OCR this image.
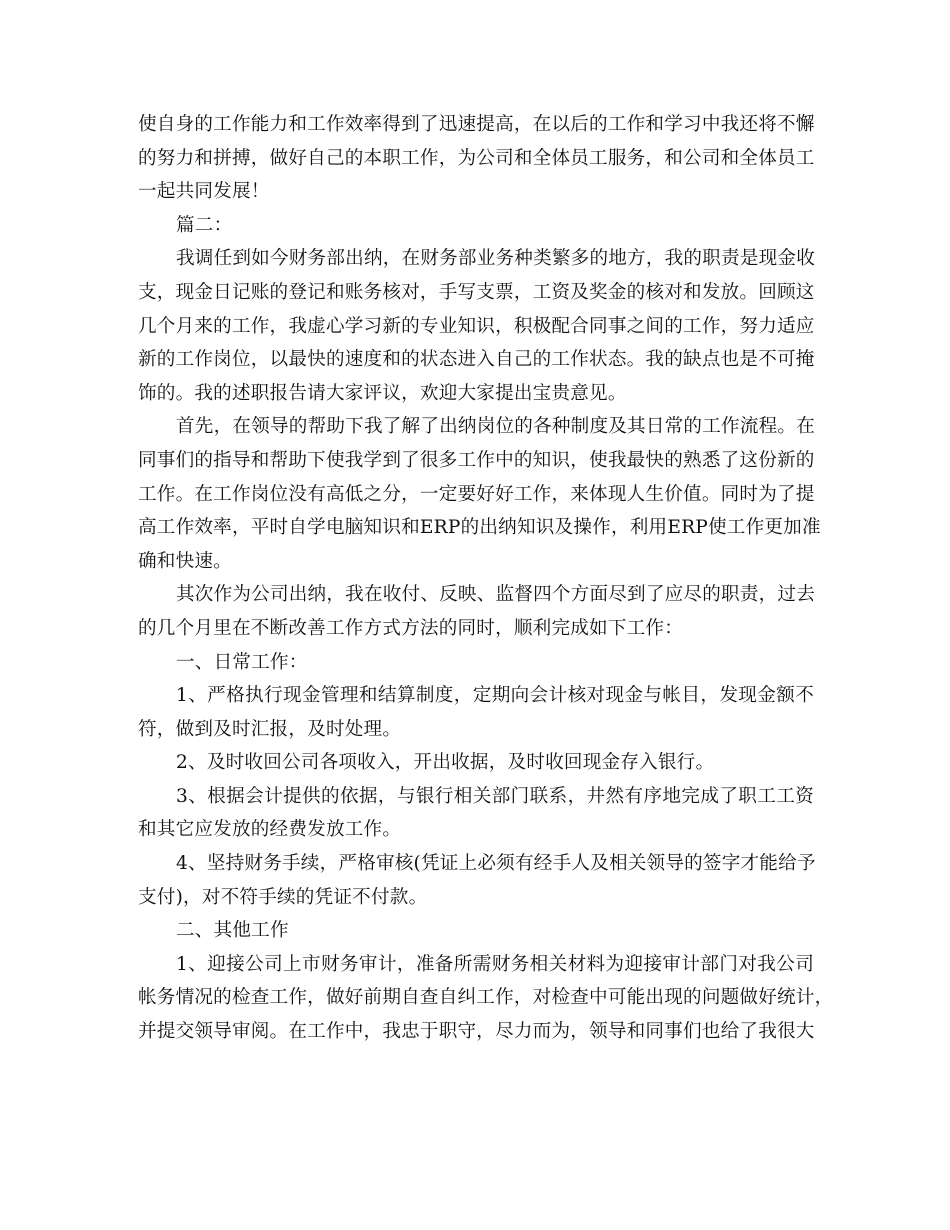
使自身的工作能力和工作效率得到了迅速提高，在以后的工作和学习中我还将不懈
的努力和拼搏，做好自己的本职工作，为公司和全体员工服务，和公司和全体员工
一起共同发展！
篇二：
我调任到如今财务部出纳，在财务部业务种类繁多的地方，我的职责是现金收
支，现金日记账的登记和账务核对，手写支票，工资及奖金的核对和发放。回顾这
几个月来的工作，我虚心学习新的专业知识，积极配合同事之间的工作，努力适应
新的工作岗位，以最快的速度和的状态进入自己的工作状态。我的缺点也是不可掩
饰的。我的述职报告请大家评议，欢迎大家提出宝贵意见。
首先，在领导的帮助下我了解了出纳岗位的各种制度及其日常的工作流程。在
同事们的指导和帮助下使我学到了很多工作中的知识，使我最快的熟悉了这份新的
工作。在工作岗位没有高低之分，一定要好好工作，来体现人生价值。同时为了提
高工作效率，平时自学电脑知识和ERP的出纳知识及操作，利用ERP使工作更加准
确和快速。
其次作为公司出纳，我在收付、反映、监督四个方面尽到了应尽的职责，过去
的几个月里在不断改善工作方式方法的同时，顺利完成如下工作：
一、日常工作：
1、严格执行现金管理和结算制度，定期向会计核对现金与帐目，发现金额不
符，做到及时汇报，及时处理。
2、及时收回公司各项收入，开出收据，及时收回现金存入银行。
3、根据会计提供的依据，与银行相关部门联系，井然有序地完成了职工工资
和其它应发放的经费发放工作。
4、坚持财务手续，严格审核(凭证上必须有经手人及相关领导的签字才能给予
支付)，对不符手续的凭证不付款。
二、其他工作
1、迎接公司上市财务审计，准备所需财务相关材料为迎接审计部门对我公司
帐务情况的检查工作，做好前期自查自纠工作，对检查中可能出现的问题做好统计，
并提交领导审阅。在工作中，我忠于职守，尽力而为，领导和同事们也给了我很大
